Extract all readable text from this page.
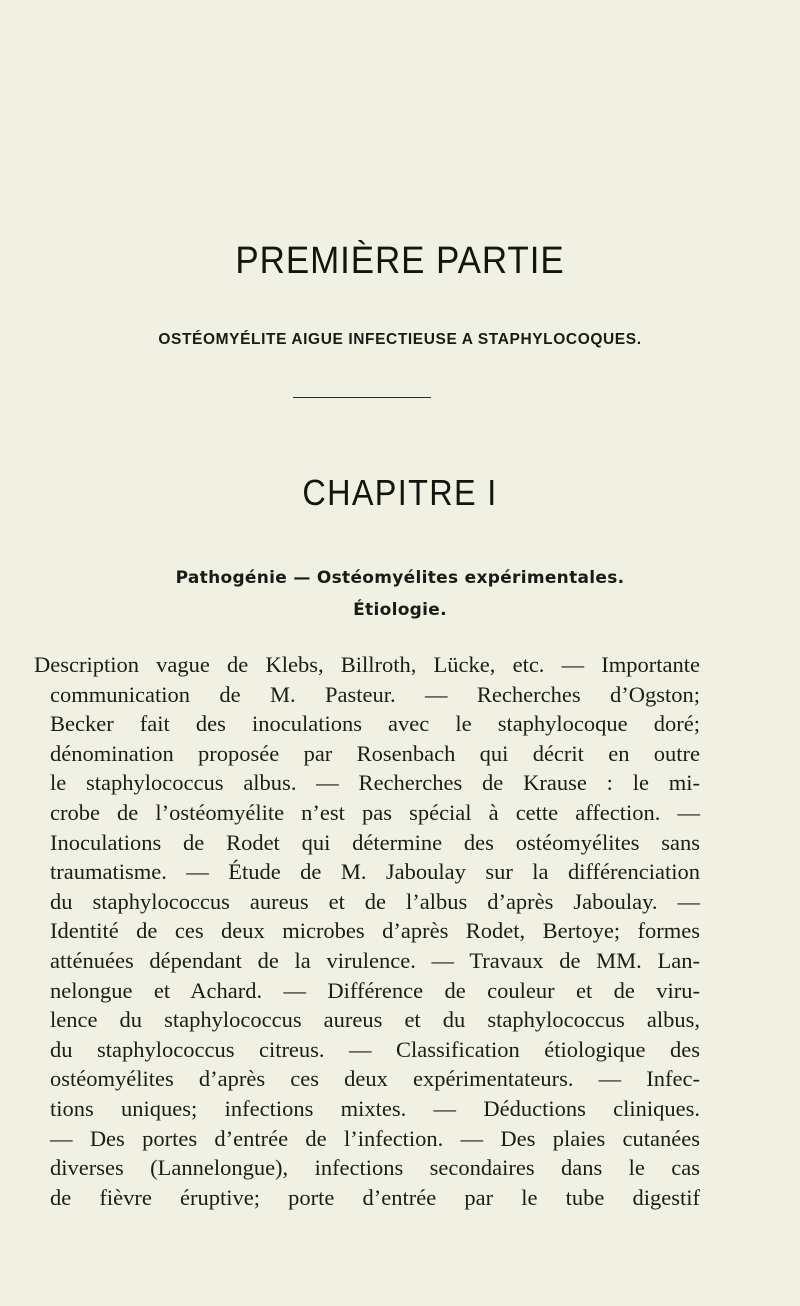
PREMIÈRE PARTIE
OSTÉOMYÉLITE AIGUE INFECTIEUSE A STAPHYLOCOQUES.
CHAPITRE I
Pathogénie — Ostéomyélites expérimentales.
Étiologie.
Description vague de Klebs, Billroth, Lücke, etc. — Importante
communication de M. Pasteur. — Recherches d’Ogston;
Becker fait des inoculations avec le staphylocoque doré;
dénomination proposée par Rosenbach qui décrit en outre
le staphylococcus albus. — Recherches de Krause : le mi-
crobe de l’ostéomyélite n’est pas spécial à cette affection. —
Inoculations de Rodet qui détermine des ostéomyélites sans
traumatisme. — Étude de M. Jaboulay sur la différenciation
du staphylococcus aureus et de l’albus d’après Jaboulay. —
Identité de ces deux microbes d’après Rodet, Bertoye; formes
atténuées dépendant de la virulence. — Travaux de MM. Lan-
nelongue et Achard. — Différence de couleur et de viru-
lence du staphylococcus aureus et du staphylococcus albus,
du staphylococcus citreus. — Classification étiologique des
ostéomyélites d’après ces deux expérimentateurs. — Infec-
tions uniques; infections mixtes. — Déductions cliniques.
— Des portes d’entrée de l’infection. — Des plaies cutanées
diverses (Lannelongue), infections secondaires dans le cas
de fièvre éruptive; porte d’entrée par le tube digestif
